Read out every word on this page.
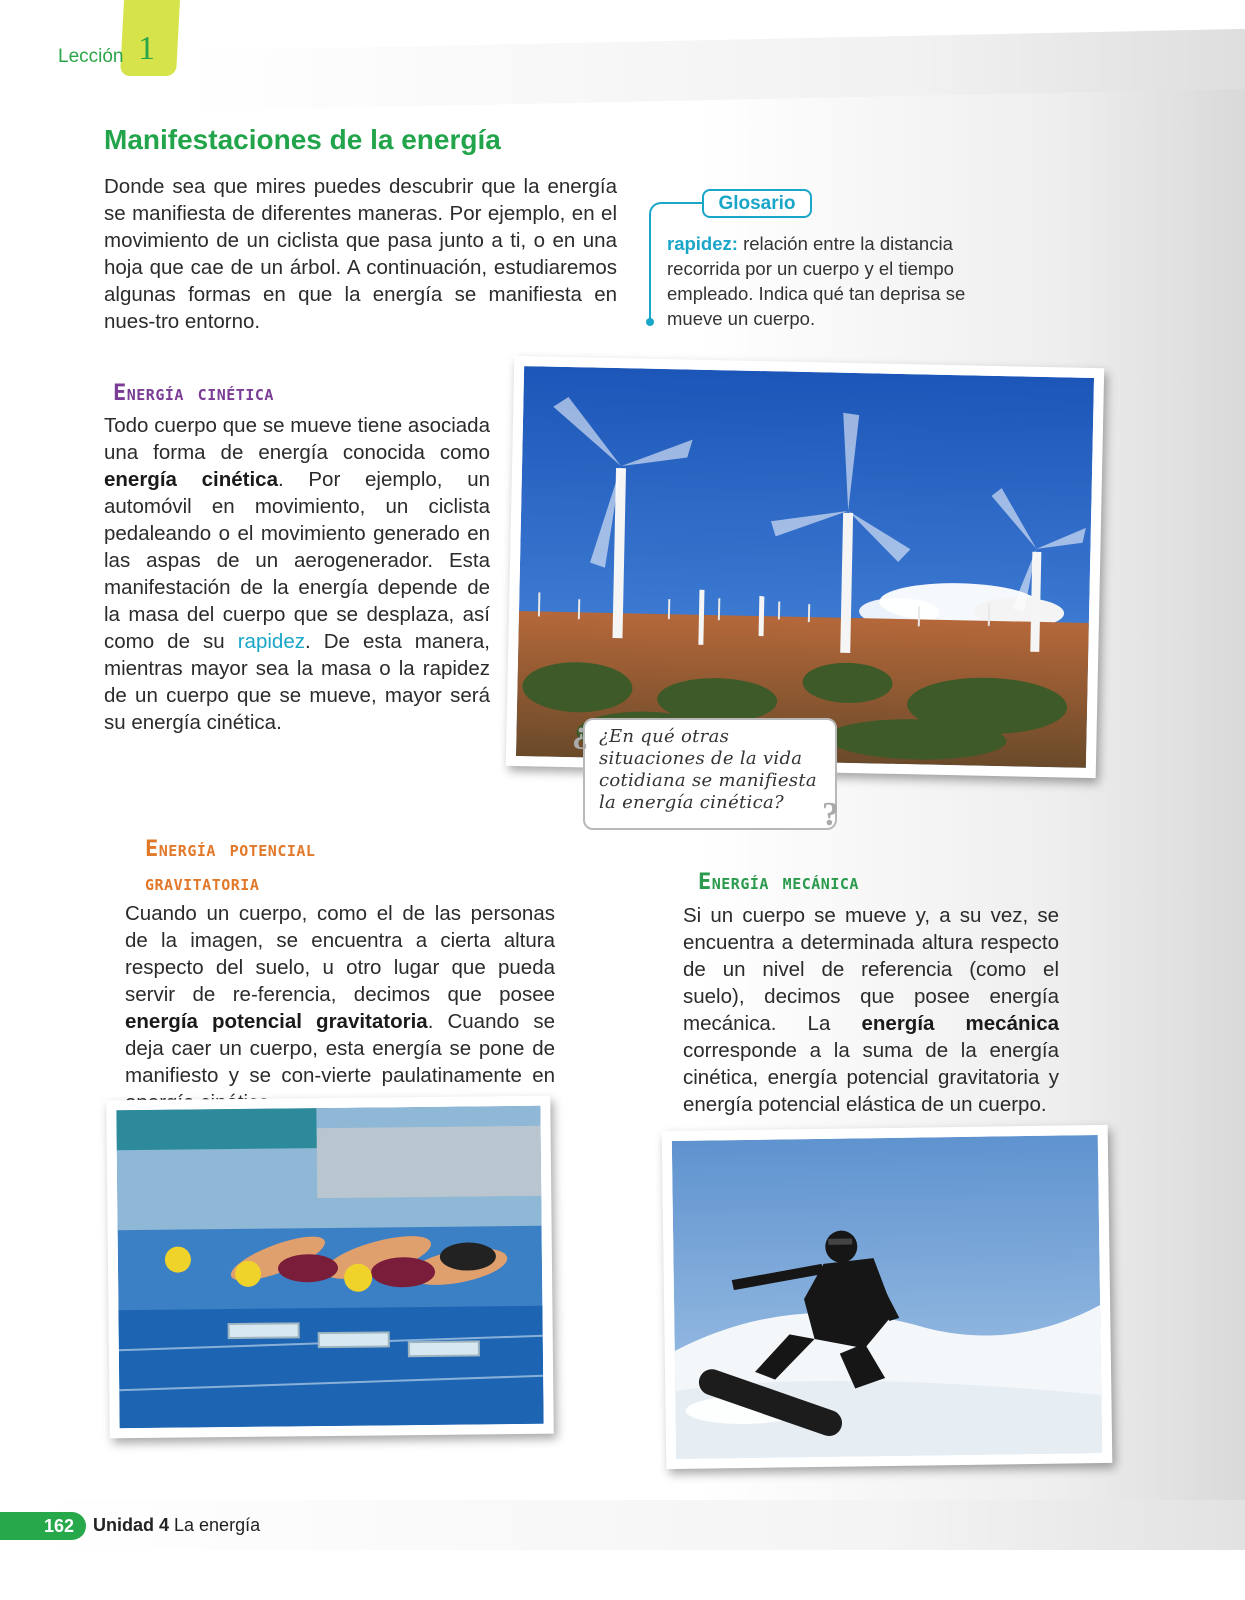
Lección 1
Manifestaciones de la energía

Donde sea que mires puedes descubrir que la energía se manifiesta de diferentes maneras. Por ejemplo, en el movimiento de un ciclista que pasa junto a ti, o en una hoja que cae de un árbol. A continuación, estudiaremos algunas formas en que la energía se manifiesta en nues-tro entorno.

Glosario

rapidez: relación entre la distancia recorrida por un cuerpo y el tiempo empleado. Indica qué tan deprisa se mueve un cuerpo.

Energía cinética

Todo cuerpo que se mueve tiene asociada una forma de energía conocida como energía cinética. Por ejemplo, un automóvil en movimiento, un ciclista pedaleando o el movimiento generado en las aspas de un aerogenerador. Esta manifestación de la energía depende de la masa del cuerpo que se desplaza, así como de su rapidez. De esta manera, mientras mayor sea la masa o la rapidez de un cuerpo que se mueve, mayor será su energía cinética.

¿En qué otras situaciones de la vida cotidiana se manifiesta la energía cinética?
¿
?
Energía potencial
gravitatoria

Cuando un cuerpo, como el de las personas de la imagen, se encuentra a cierta altura respecto del suelo, u otro lugar que pueda servir de re-ferencia, decimos que posee energía potencial gravitatoria. Cuando se deja caer un cuerpo, esta energía se pone de manifiesto y se con-vierte paulatinamente en

Energía mecánica

Si un cuerpo se mueve y, a su vez, se encuentra a determinada altura respecto de un nivel de referencia (como el suelo), decimos que posee energía mecánica. La energía mecánica corresponde a la suma de la energía cinética, energía potencial gravitatoria y energía potencial elástica de un cuerpo.

162	Unidad 4 La energía
